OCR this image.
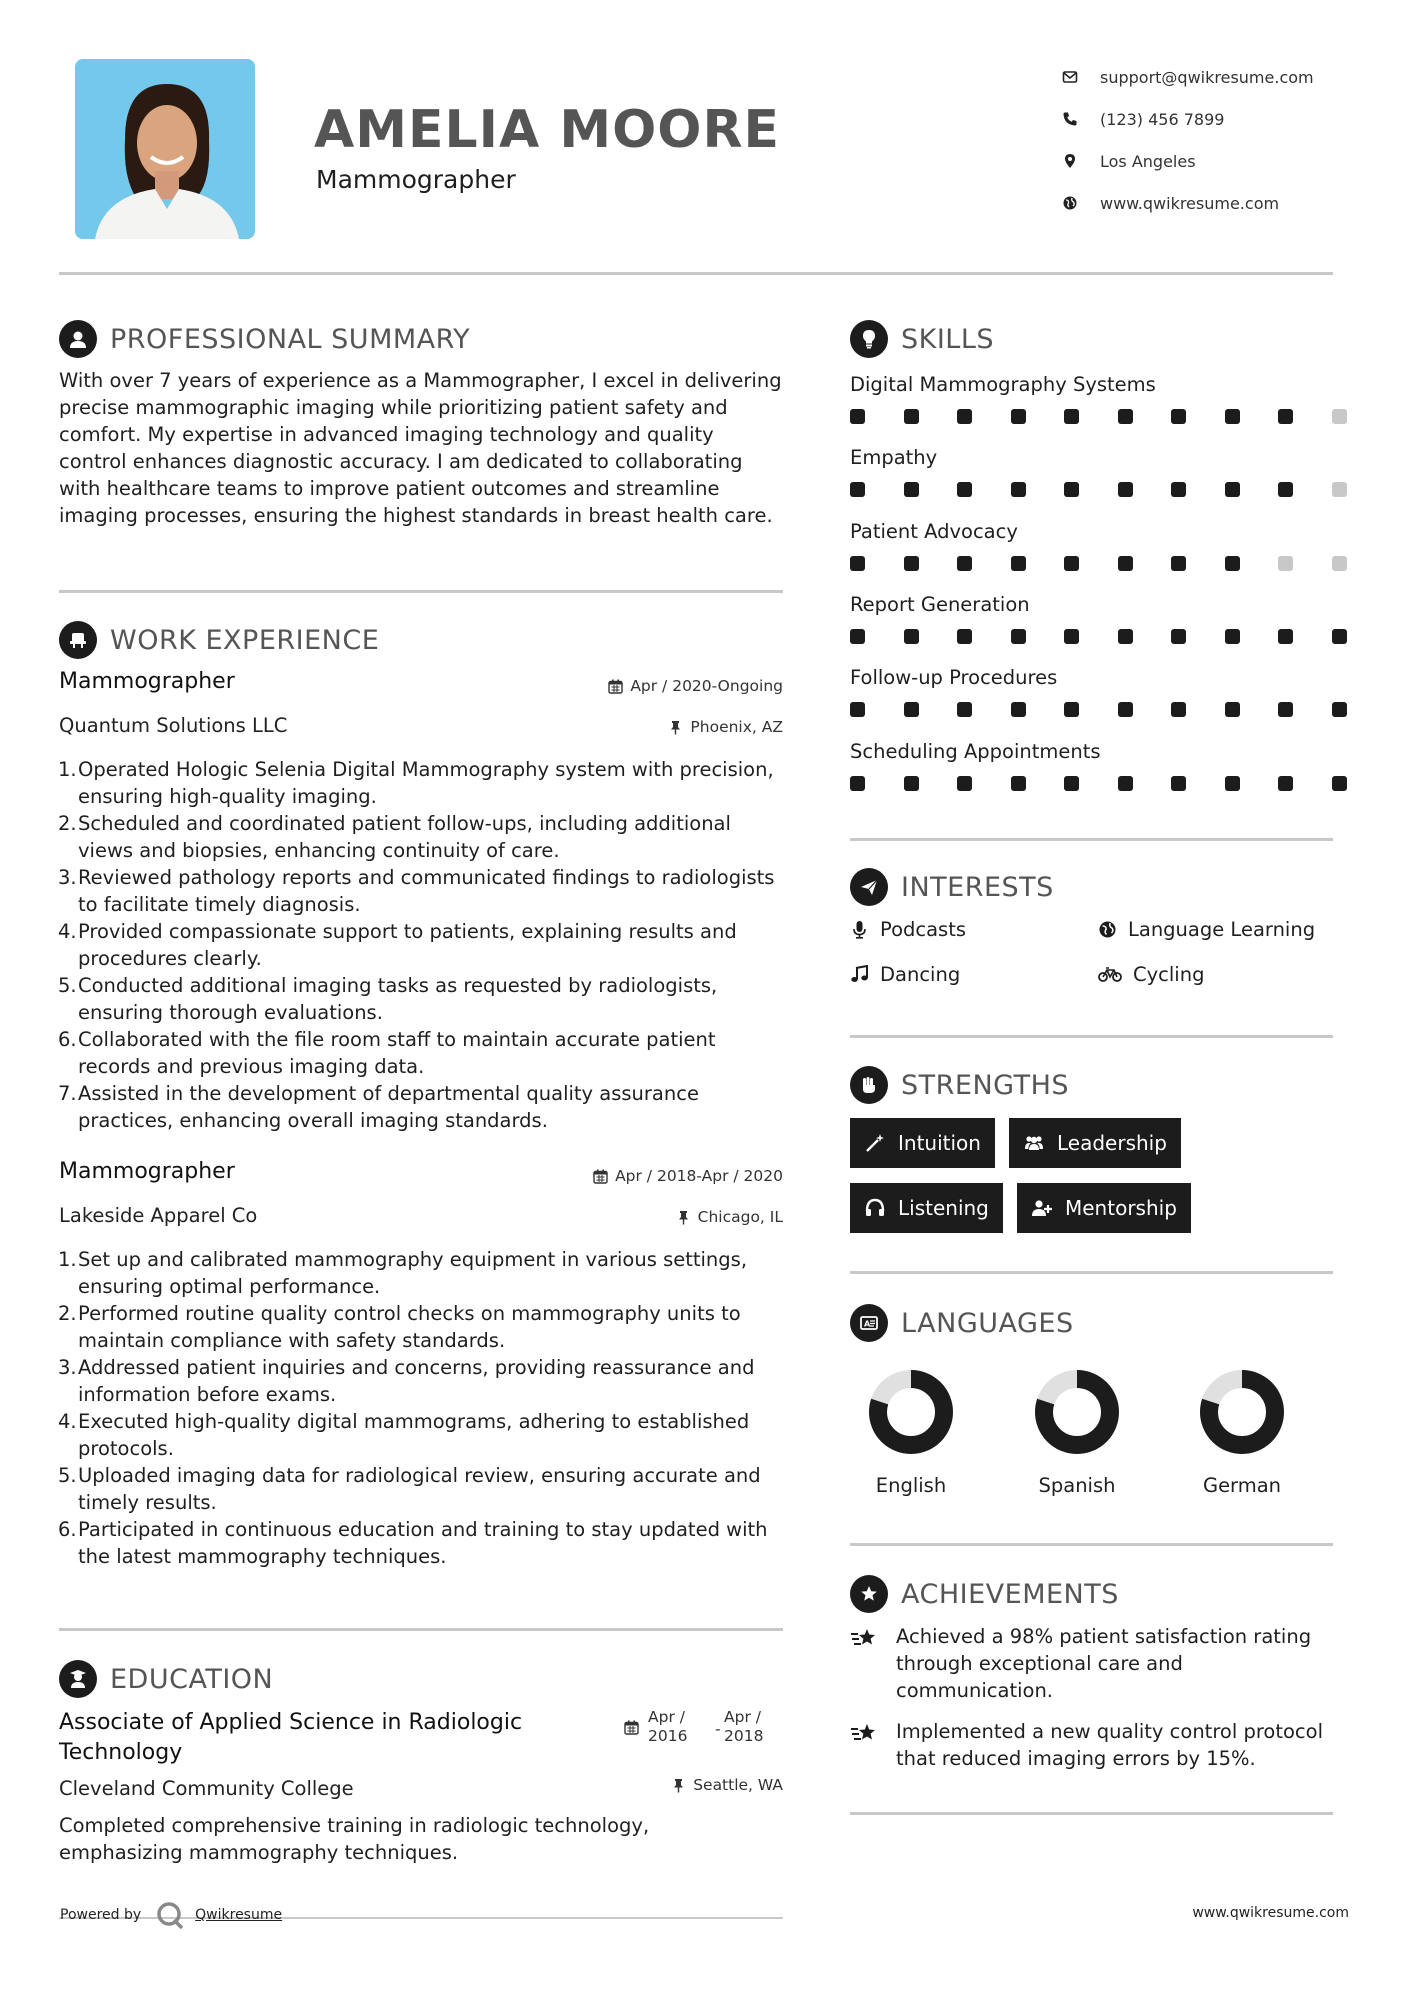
AMELIA MOORE
Mammographer
support@qwikresume.com
(123) 456 7899
Los Angeles
www.qwikresume.com
PROFESSIONAL SUMMARY
With over 7 years of experience as a Mammographer, I excel in delivering precise mammographic imaging while prioritizing patient safety and comfort. My expertise in advanced imaging technology and quality control enhances diagnostic accuracy. I am dedicated to collaborating with healthcare teams to improve patient outcomes and streamline imaging processes, ensuring the highest standards in breast health care.
WORK EXPERIENCE
Mammographer	Apr / 2020-Ongoing
Quantum Solutions LLC	Phoenix, AZ
1. Operated Hologic Selenia Digital Mammography system with precision, ensuring high-quality imaging.
2. Scheduled and coordinated patient follow-ups, including additional views and biopsies, enhancing continuity of care.
3. Reviewed pathology reports and communicated findings to radiologists to facilitate timely diagnosis.
4. Provided compassionate support to patients, explaining results and procedures clearly.
5. Conducted additional imaging tasks as requested by radiologists, ensuring thorough evaluations.
6. Collaborated with the file room staff to maintain accurate patient records and previous imaging data.
7. Assisted in the development of departmental quality assurance practices, enhancing overall imaging standards.
Mammographer	Apr / 2018-Apr / 2020
Lakeside Apparel Co	Chicago, IL
1. Set up and calibrated mammography equipment in various settings, ensuring optimal performance.
2. Performed routine quality control checks on mammography units to maintain compliance with safety standards.
3. Addressed patient inquiries and concerns, providing reassurance and information before exams.
4. Executed high-quality digital mammograms, adhering to established protocols.
5. Uploaded imaging data for radiological review, ensuring accurate and timely results.
6. Participated in continuous education and training to stay updated with the latest mammography techniques.
EDUCATION
Associate of Applied Science in Radiologic
Technology
Apr /
2016 -
Apr /
2018
Cleveland Community College	Seattle, WA
Completed comprehensive training in radiologic technology, emphasizing mammography techniques.
SKILLS
Digital Mammography Systems
Empathy
Patient Advocacy
Report Generation
Follow-up Procedures
Scheduling Appointments
INTERESTS
Podcasts	Language Learning
Dancing	Cycling
STRENGTHS
Intuition	Leadership
Listening	Mentorship
A LANGUAGES
English	Spanish	German
ACHIEVEMENTS
Achieved a 98% patient satisfaction rating
through exceptional care and
communication.
Implemented a new quality control protocol
that reduced imaging errors by 15%.
Powered by	Qwikresume	www.qwikresume.com
